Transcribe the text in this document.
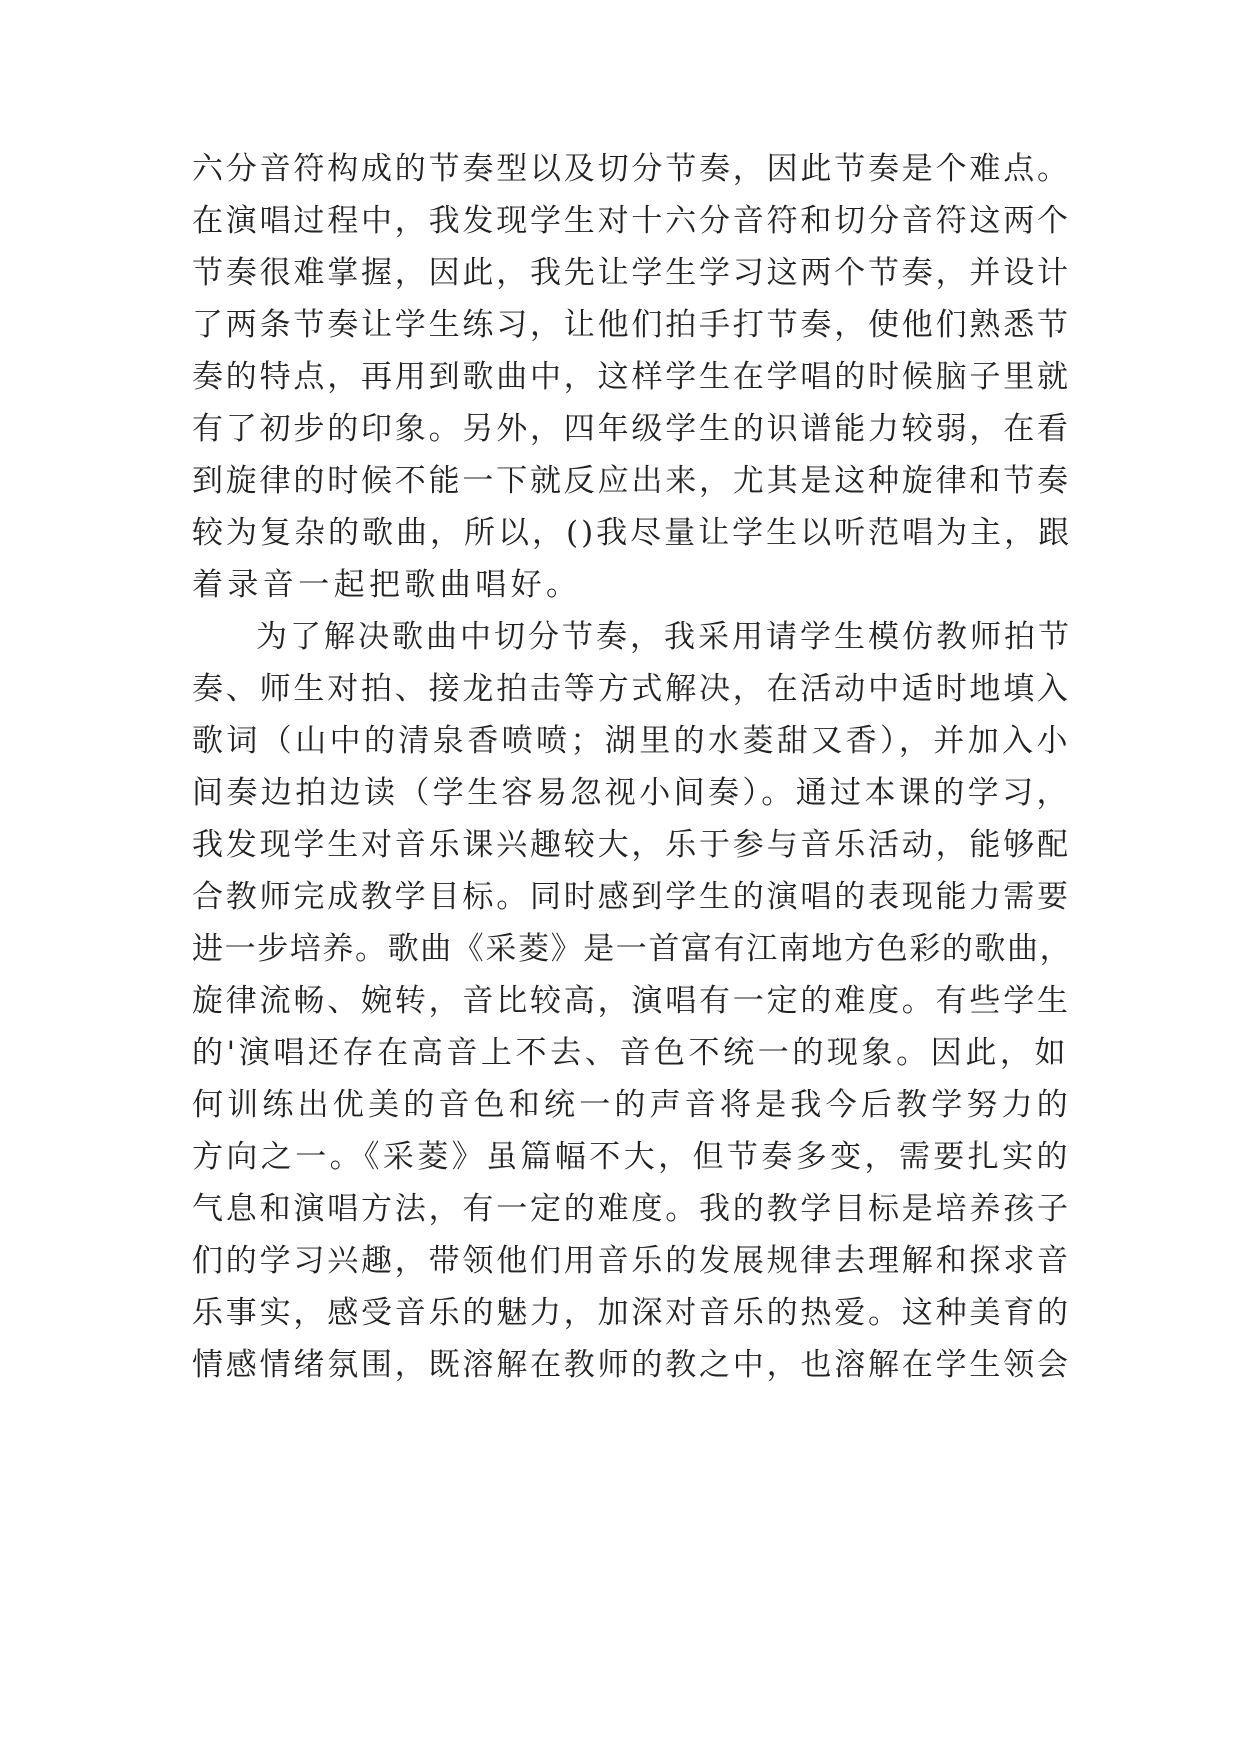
六分音符构成的节奏型以及切分节奏，因此节奏是个难点。
在演唱过程中，我发现学生对十六分音符和切分音符这两个
节奏很难掌握，因此，我先让学生学习这两个节奏，并设计
了两条节奏让学生练习，让他们拍手打节奏，使他们熟悉节
奏的特点，再用到歌曲中，这样学生在学唱的时候脑子里就
有了初步的印象。另外，四年级学生的识谱能力较弱，在看
到旋律的时候不能一下就反应出来，尤其是这种旋律和节奏
较为复杂的歌曲，所以，()我尽量让学生以听范唱为主，跟
着录音一起把歌曲唱好。
为了解决歌曲中切分节奏，我采用请学生模仿教师拍节
奏、师生对拍、接龙拍击等方式解决，在活动中适时地填入
歌词（山中的清泉香喷喷；湖里的水菱甜又香），并加入小
间奏边拍边读（学生容易忽视小间奏）。通过本课的学习，
我发现学生对音乐课兴趣较大，乐于参与音乐活动，能够配
合教师完成教学目标。同时感到学生的演唱的表现能力需要
进一步培养。歌曲《采菱》是一首富有江南地方色彩的歌曲，
旋律流畅、婉转，音比较高，演唱有一定的难度。有些学生
的'演唱还存在高音上不去、音色不统一的现象。因此，如
何训练出优美的音色和统一的声音将是我今后教学努力的
方向之一。《采菱》虽篇幅不大，但节奏多变，需要扎实的
气息和演唱方法，有一定的难度。我的教学目标是培养孩子
们的学习兴趣，带领他们用音乐的发展规律去理解和探求音
乐事实，感受音乐的魅力，加深对音乐的热爱。这种美育的
情感情绪氛围，既溶解在教师的教之中，也溶解在学生领会
